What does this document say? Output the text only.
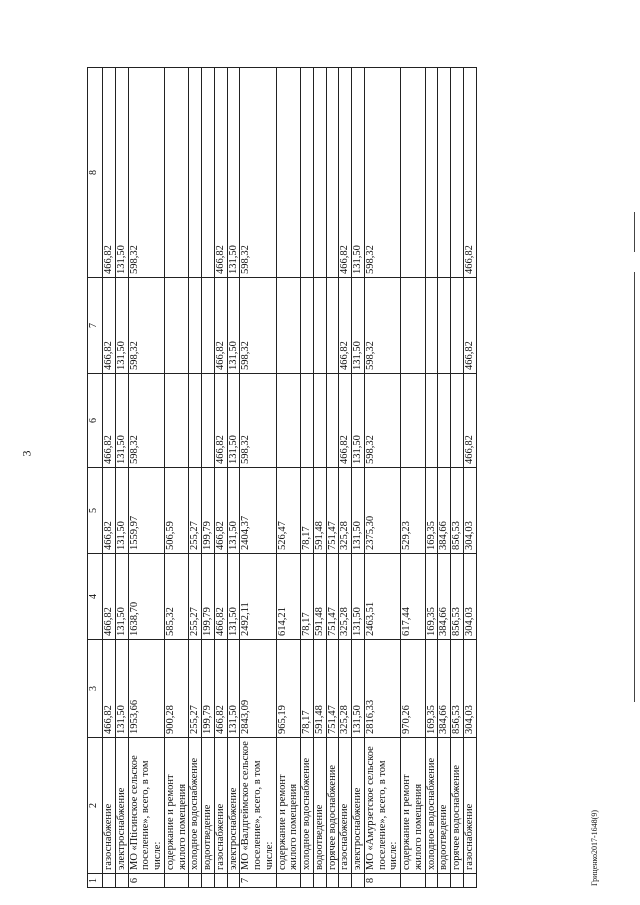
3
Гриценко2017-1648(9)
1	2	3	4	5	6	7	8
	газоснабжение	466,82	466,82	466,82	466,82	466,82	466,82
	электроснабжение	131,50	131,50	131,50	131,50	131,50	131,50
6	МО «Пticинское сельское поселение», всего, в том числе:	1953,66	1638,70	1559,97	598,32	598,32	598,32
	содержание и ремонт жилого помещения	900,28	585,32	506,59			
	холодное водоснабжение	255,27	255,27	255,27			
	водоотведение	199,79	199,79	199,79			
	газоснабжение	466,82	466,82	466,82	466,82	466,82	466,82
	электроснабжение	131,50	131,50	131,50	131,50	131,50	131,50
7	МО «Валдгеймское сельское поселение», всего, в том числе:	2843,09	2492,11	2404,37	598,32	598,32	598,32
	содержание и ремонт жилого помещения	965,19	614,21	526,47			
	холодное водоснабжение	78,17	78,17	78,17			
	водоотведение	591,48	591,48	591,48			
	горячее водоснабжение	751,47	751,47	751,47			
	газоснабжение	325,28	325,28	325,28	466,82	466,82	466,82
	электроснабжение	131,50	131,50	131,50	131,50	131,50	131,50
8	МО «Амурзетское сельское поселение», всего, в том числе:	2816,33	2463,51	2375,30	598,32	598,32	598,32
	содержание и ремонт жилого помещения	970,26	617,44	529,23			
	холодное водоснабжение	169,35	169,35	169,35			
	водоотведение	384,66	384,66	384,66			
	горячее водоснабжение	856,53	856,53	856,53			
	газоснабжение	304,03	304,03	304,03	466,82	466,82	466,82
